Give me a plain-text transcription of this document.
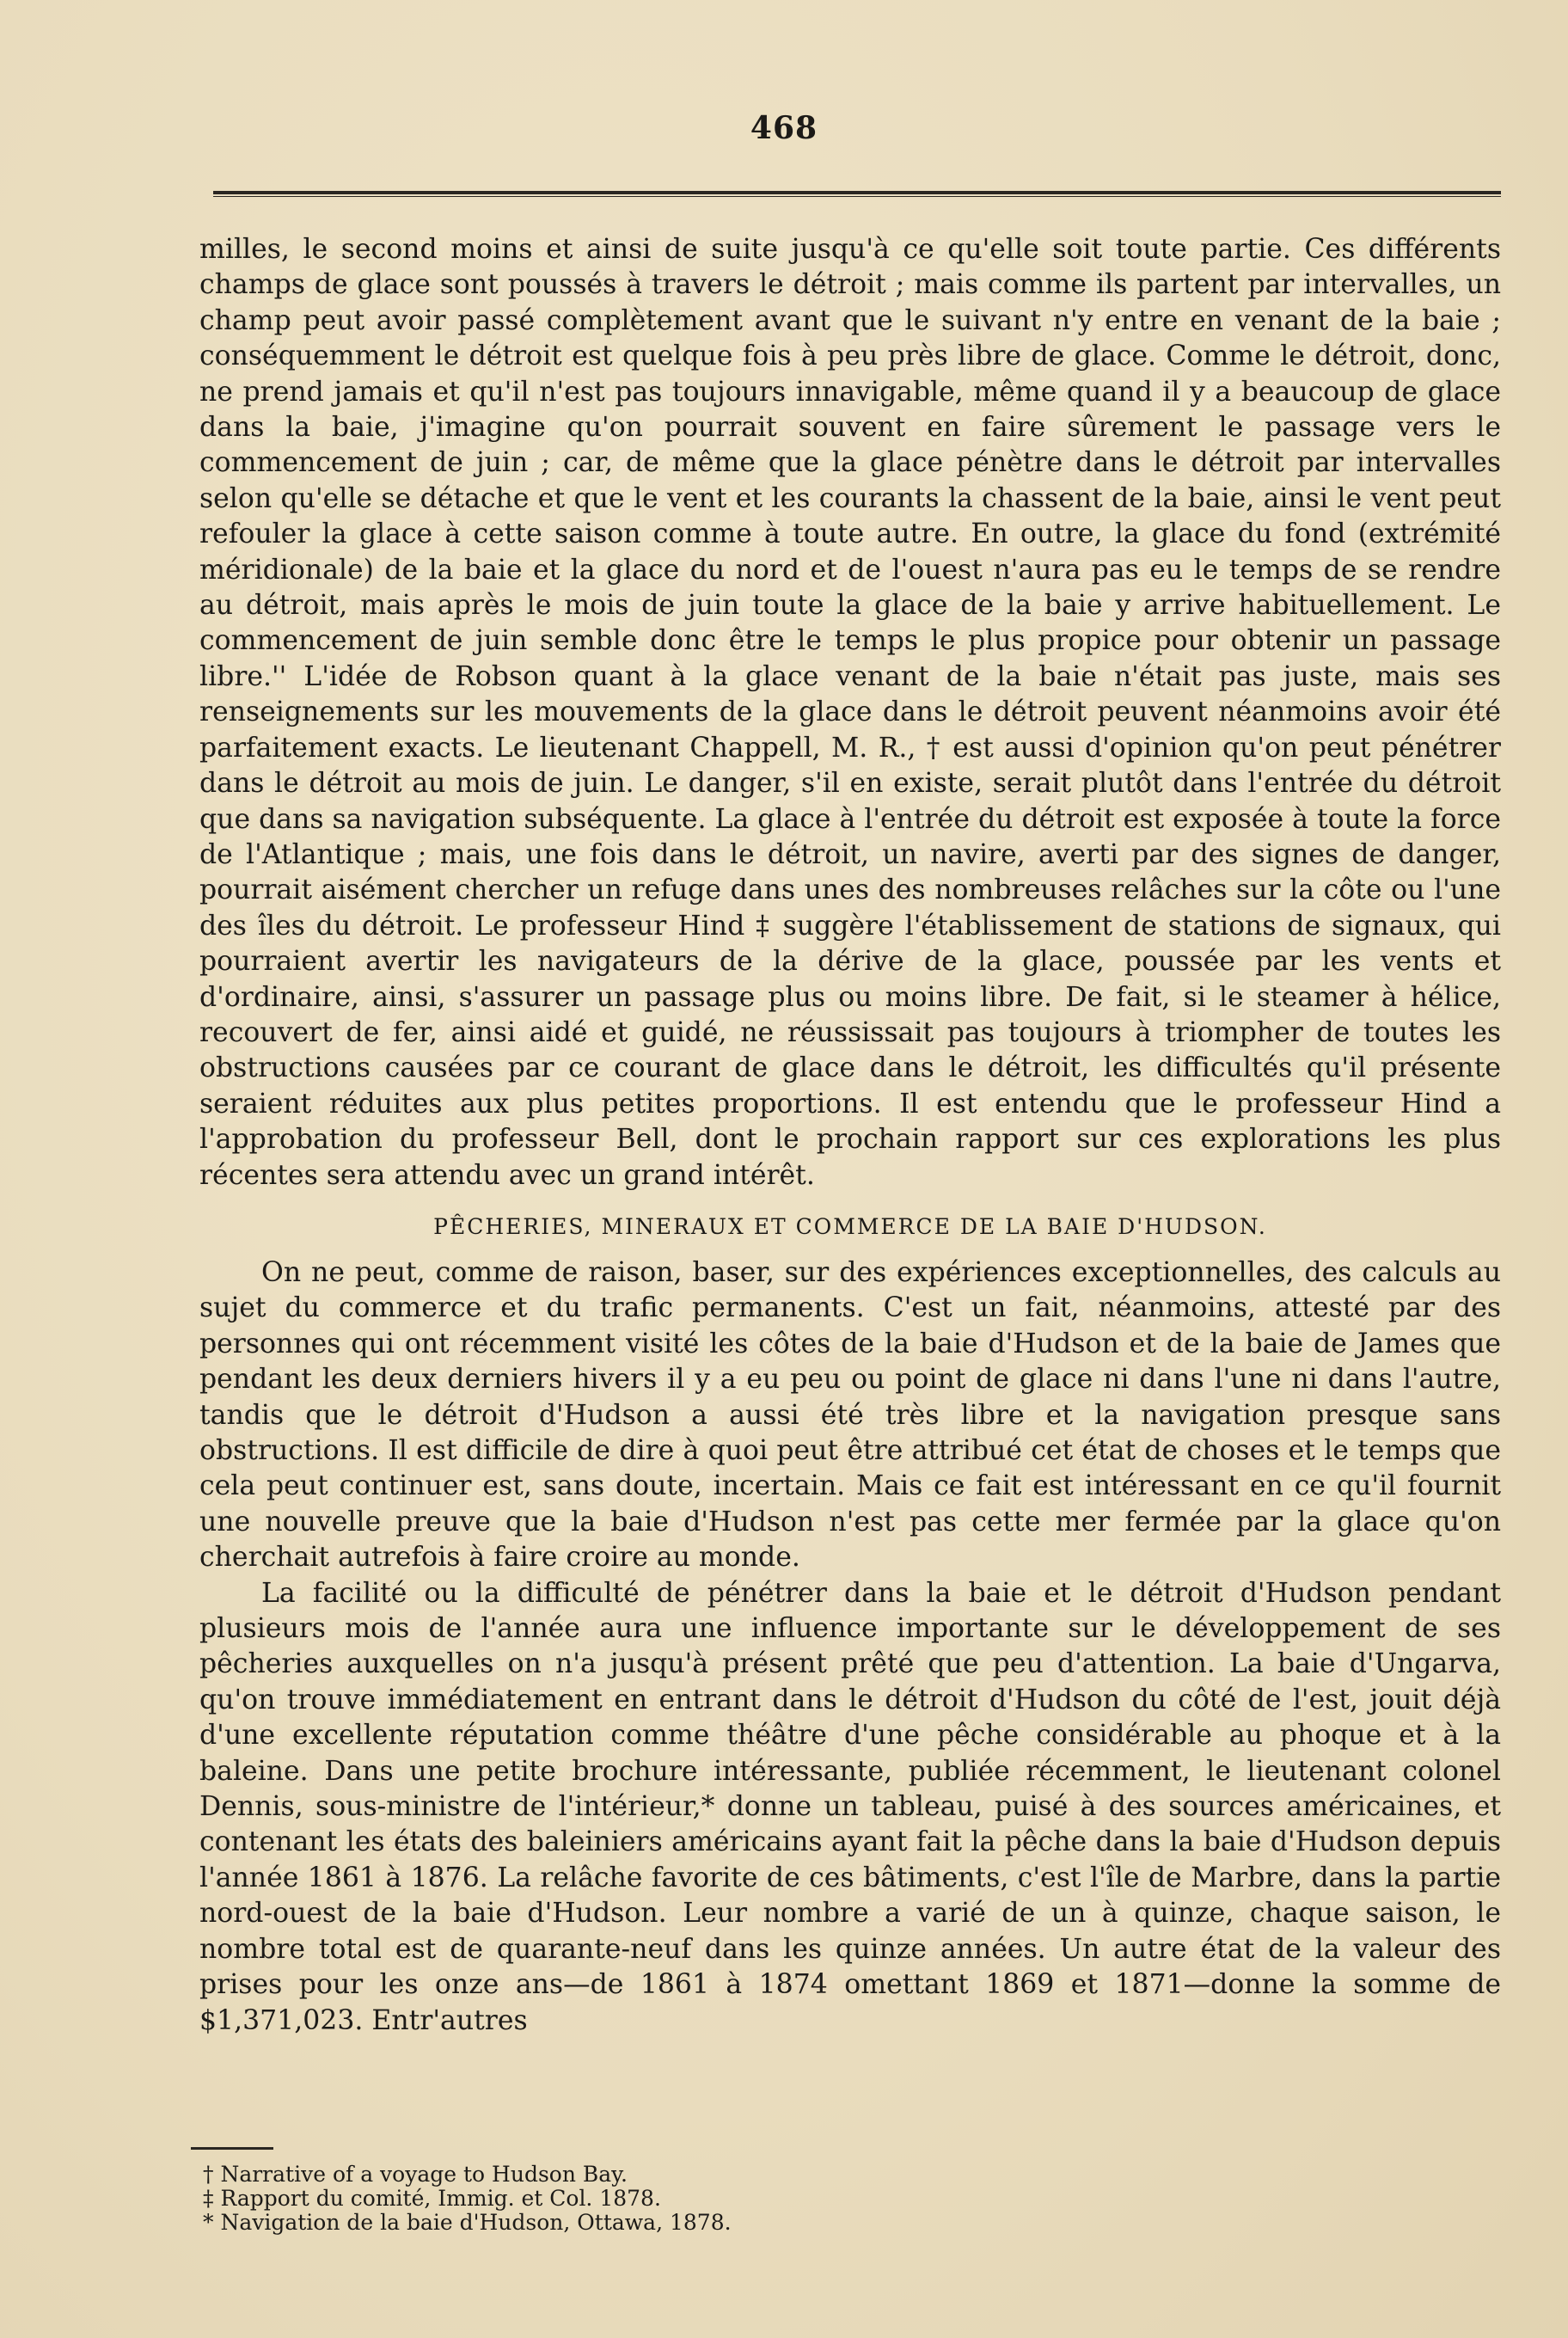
468

milles, le second moins et ainsi de suite jusqu'à ce qu'elle soit toute partie. Ces différents champs de glace sont poussés à travers le détroit ; mais comme ils partent par intervalles, un champ peut avoir passé complètement avant que le suivant n'y entre en venant de la baie ; conséquemment le détroit est quelque fois à peu près libre de glace. Comme le détroit, donc, ne prend jamais et qu'il n'est pas toujours innavigable, même quand il y a beaucoup de glace dans la baie, j'imagine qu'on pourrait souvent en faire sûrement le passage vers le commencement de juin ; car, de même que la glace pénètre dans le détroit par intervalles selon qu'elle se détache et que le vent et les courants la chassent de la baie, ainsi le vent peut refouler la glace à cette saison comme à toute autre. En outre, la glace du fond (extrémité méridionale) de la baie et la glace du nord et de l'ouest n'aura pas eu le temps de se rendre au détroit, mais après le mois de juin toute la glace de la baie y arrive habituellement. Le commencement de juin semble donc être le temps le plus propice pour obtenir un passage libre.'' L'idée de Robson quant à la glace venant de la baie n'était pas juste, mais ses renseignements sur les mouvements de la glace dans le détroit peuvent néanmoins avoir été parfaitement exacts. Le lieutenant Chappell, M. R., † est aussi d'opinion qu'on peut pénétrer dans le détroit au mois de juin. Le danger, s'il en existe, serait plutôt dans l'entrée du détroit que dans sa navigation subséquente. La glace à l'entrée du détroit est exposée à toute la force de l'Atlantique ; mais, une fois dans le détroit, un navire, averti par des signes de danger, pourrait aisément chercher un refuge dans unes des nombreuses relâches sur la côte ou l'une des îles du détroit. Le professeur Hind ‡ suggère l'établissement de stations de signaux, qui pourraient avertir les navigateurs de la dérive de la glace, poussée par les vents et d'ordinaire, ainsi, s'assurer un passage plus ou moins libre. De fait, si le steamer à hélice, recouvert de fer, ainsi aidé et guidé, ne réussissait pas toujours à triompher de toutes les obstructions causées par ce courant de glace dans le détroit, les difficultés qu'il présente seraient réduites aux plus petites proportions. Il est entendu que le professeur Hind a l'approbation du professeur Bell, dont le prochain rapport sur ces explorations les plus récentes sera attendu avec un grand intérêt.

PÊCHERIES, MINERAUX ET COMMERCE DE LA BAIE D'HUDSON.

On ne peut, comme de raison, baser, sur des expériences exceptionnelles, des calculs au sujet du commerce et du trafic permanents. C'est un fait, néanmoins, attesté par des personnes qui ont récemment visité les côtes de la baie d'Hudson et de la baie de James que pendant les deux derniers hivers il y a eu peu ou point de glace ni dans l'une ni dans l'autre, tandis que le détroit d'Hudson a aussi été très libre et la navigation presque sans obstructions. Il est difficile de dire à quoi peut être attribué cet état de choses et le temps que cela peut continuer est, sans doute, incertain. Mais ce fait est intéressant en ce qu'il fournit une nouvelle preuve que la baie d'Hudson n'est pas cette mer fermée par la glace qu'on cherchait autrefois à faire croire au monde.

La facilité ou la difficulté de pénétrer dans la baie et le détroit d'Hudson pendant plusieurs mois de l'année aura une influence importante sur le développement de ses pêcheries auxquelles on n'a jusqu'à présent prêté que peu d'attention. La baie d'Ungarva, qu'on trouve immédiatement en entrant dans le détroit d'Hudson du côté de l'est, jouit déjà d'une excellente réputation comme théâtre d'une pêche considérable au phoque et à la baleine. Dans une petite brochure intéressante, publiée récemment, le lieutenant colonel Dennis, sous-ministre de l'intérieur,* donne un tableau, puisé à des sources américaines, et contenant les états des baleiniers américains ayant fait la pêche dans la baie d'Hudson depuis l'année 1861 à 1876. La relâche favorite de ces bâtiments, c'est l'île de Marbre, dans la partie nord-ouest de la baie d'Hudson. Leur nombre a varié de un à quinze, chaque saison, le nombre total est de quarante-neuf dans les quinze années. Un autre état de la valeur des prises pour les onze ans—de 1861 à 1874 omettant 1869 et 1871—donne la somme de $1,371,023. Entr'autres

† Narrative of a voyage to Hudson Bay.

‡ Rapport du comité, Immig. et Col. 1878.

* Navigation de la baie d'Hudson, Ottawa, 1878.
